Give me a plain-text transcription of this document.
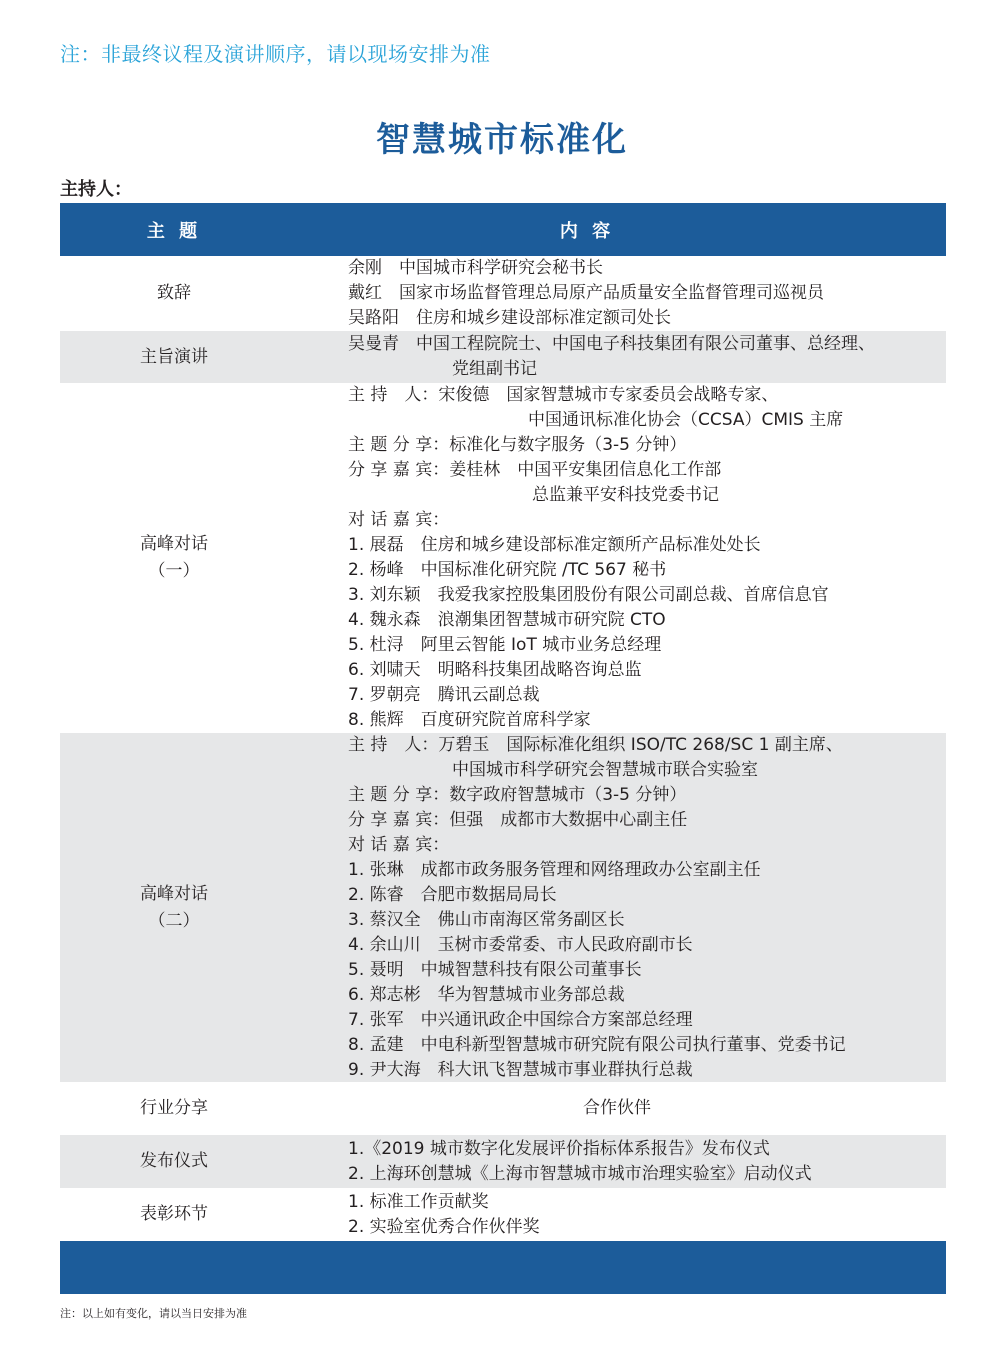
注：非最终议程及演讲顺序，请以现场安排为准
智慧城市标准化
主持人：
主 题	内 容
致辞
余刚　中国城市科学研究会秘书长
戴红　国家市场监督管理总局原产品质量安全监督管理司巡视员
吴路阳　住房和城乡建设部标准定额司处长
主旨演讲
吴曼青　中国工程院院士、中国电子科技集团有限公司董事、总经理、
党组副书记
高峰对话
（一）
主 持　人：宋俊德　国家智慧城市专家委员会战略专家、
中国通讯标准化协会（CCSA）CMIS 主席
主 题 分 享：标准化与数字服务（3-5 分钟）
分 享 嘉 宾：姜桂林　中国平安集团信息化工作部
总监兼平安科技党委书记
对 话 嘉 宾：
1. 展磊　住房和城乡建设部标准定额所产品标准处处长
2. 杨峰　中国标准化研究院 /TC 567 秘书
3. 刘东颖　我爱我家控股集团股份有限公司副总裁、首席信息官
4. 魏永森　浪潮集团智慧城市研究院 CTO
5. 杜浔　阿里云智能 IoT 城市业务总经理
6. 刘啸天　明略科技集团战略咨询总监
7. 罗朝亮　腾讯云副总裁
8. 熊辉　百度研究院首席科学家
高峰对话
（二）
主 持　人：万碧玉　国际标准化组织 ISO/TC 268/SC 1 副主席、
中国城市科学研究会智慧城市联合实验室
主 题 分 享：数字政府智慧城市（3-5 分钟）
分 享 嘉 宾：但强　成都市大数据中心副主任
对 话 嘉 宾：
1. 张琳　成都市政务服务管理和网络理政办公室副主任
2. 陈睿　合肥市数据局局长
3. 蔡汉全　佛山市南海区常务副区长
4. 余山川　玉树市委常委、市人民政府副市长
5. 聂明　中城智慧科技有限公司董事长
6. 郑志彬　华为智慧城市业务部总裁
7. 张军　中兴通讯政企中国综合方案部总经理
8. 孟建　中电科新型智慧城市研究院有限公司执行董事、党委书记
9. 尹大海　科大讯飞智慧城市事业群执行总裁
行业分享	合作伙伴
发布仪式
1.《2019 城市数字化发展评价指标体系报告》发布仪式
2. 上海环创慧城《上海市智慧城市城市治理实验室》启动仪式
表彰环节
1. 标准工作贡献奖
2. 实验室优秀合作伙伴奖
注：以上如有变化，请以当日安排为准
